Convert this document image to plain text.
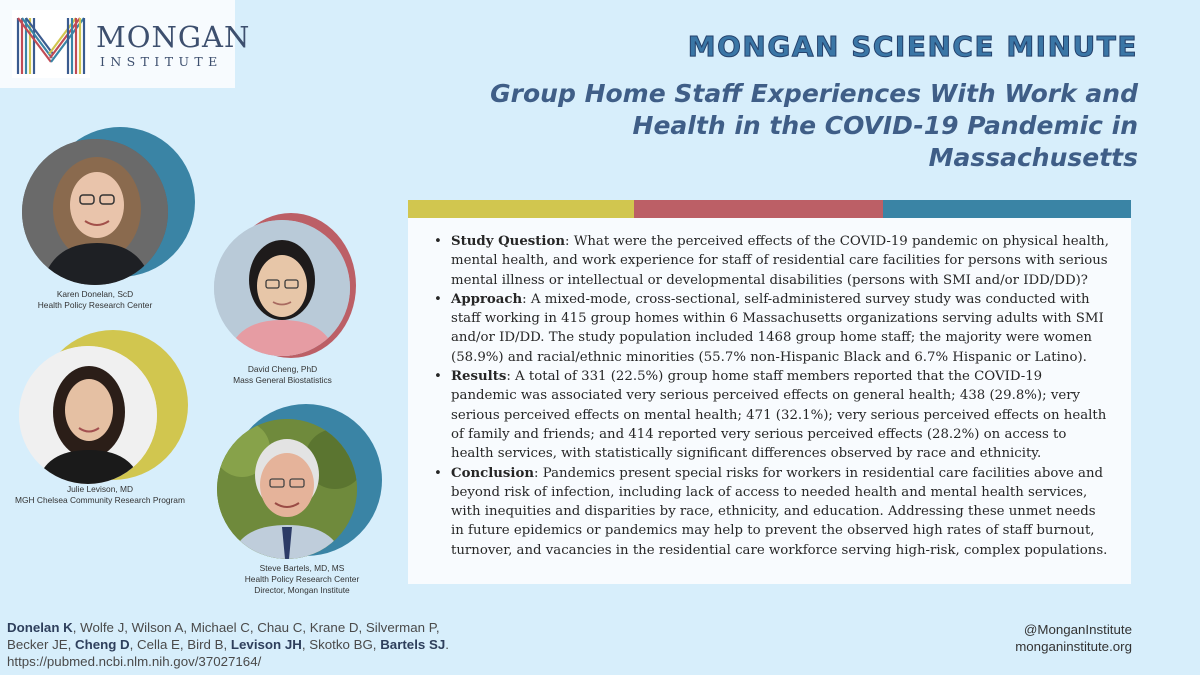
MONGAN
INSTITUTE	MONGAN SCIENCE MINUTE
Group Home Staff Experiences With Work and Health in the COVID-19 Pandemic in Massachusetts
• Study Question: What were the perceived effects of the COVID-19 pandemic on physical health, mental health, and work experience for staff of residential care facilities for persons with serious mental illness or intellectual or developmental disabilities (persons with SMI and/or IDD/DD)?
• Approach: A mixed-mode, cross-sectional, self-administered survey study was conducted with staff working in 415 group homes within 6 Massachusetts organizations serving adults with SMI and/or ID/DD. The study population included 1468 group home staff; the majority were women (58.9%) and racial/ethnic minorities (55.7% non-Hispanic Black and 6.7% Hispanic or Latino).
• Results: A total of 331 (22.5%) group home staff members reported that the COVID-19 pandemic was associated very serious perceived effects on general health; 438 (29.8%); very serious perceived effects on mental health; 471 (32.1%); very serious perceived effects on health of family and friends; and 414 reported very serious perceived effects (28.2%) on access to health services, with statistically significant differences observed by race and ethnicity.
• Conclusion: Pandemics present special risks for workers in residential care facilities above and beyond risk of infection, including lack of access to needed health and mental health services, with inequities and disparities by race, ethnicity, and education. Addressing these unmet needs in future epidemics or pandemics may help to prevent the observed high rates of staff burnout, turnover, and vacancies in the residential care workforce serving high-risk, complex populations.
Karen Donelan, ScD
Health Policy Research Center
David Cheng, PhD
Mass General Biostatistics
Julie Levison, MD
MGH Chelsea Community Research Program
Steve Bartels, MD, MS
Health Policy Research Center
Director, Mongan Institute
Donelan K, Wolfe J, Wilson A, Michael C, Chau C, Krane D, Silverman P, Becker JE, Cheng D, Cella E, Bird B, Levison JH, Skotko BG, Bartels SJ.
https://pubmed.ncbi.nlm.nih.gov/37027164/
@MonganInstitute
monganinstitute.org
